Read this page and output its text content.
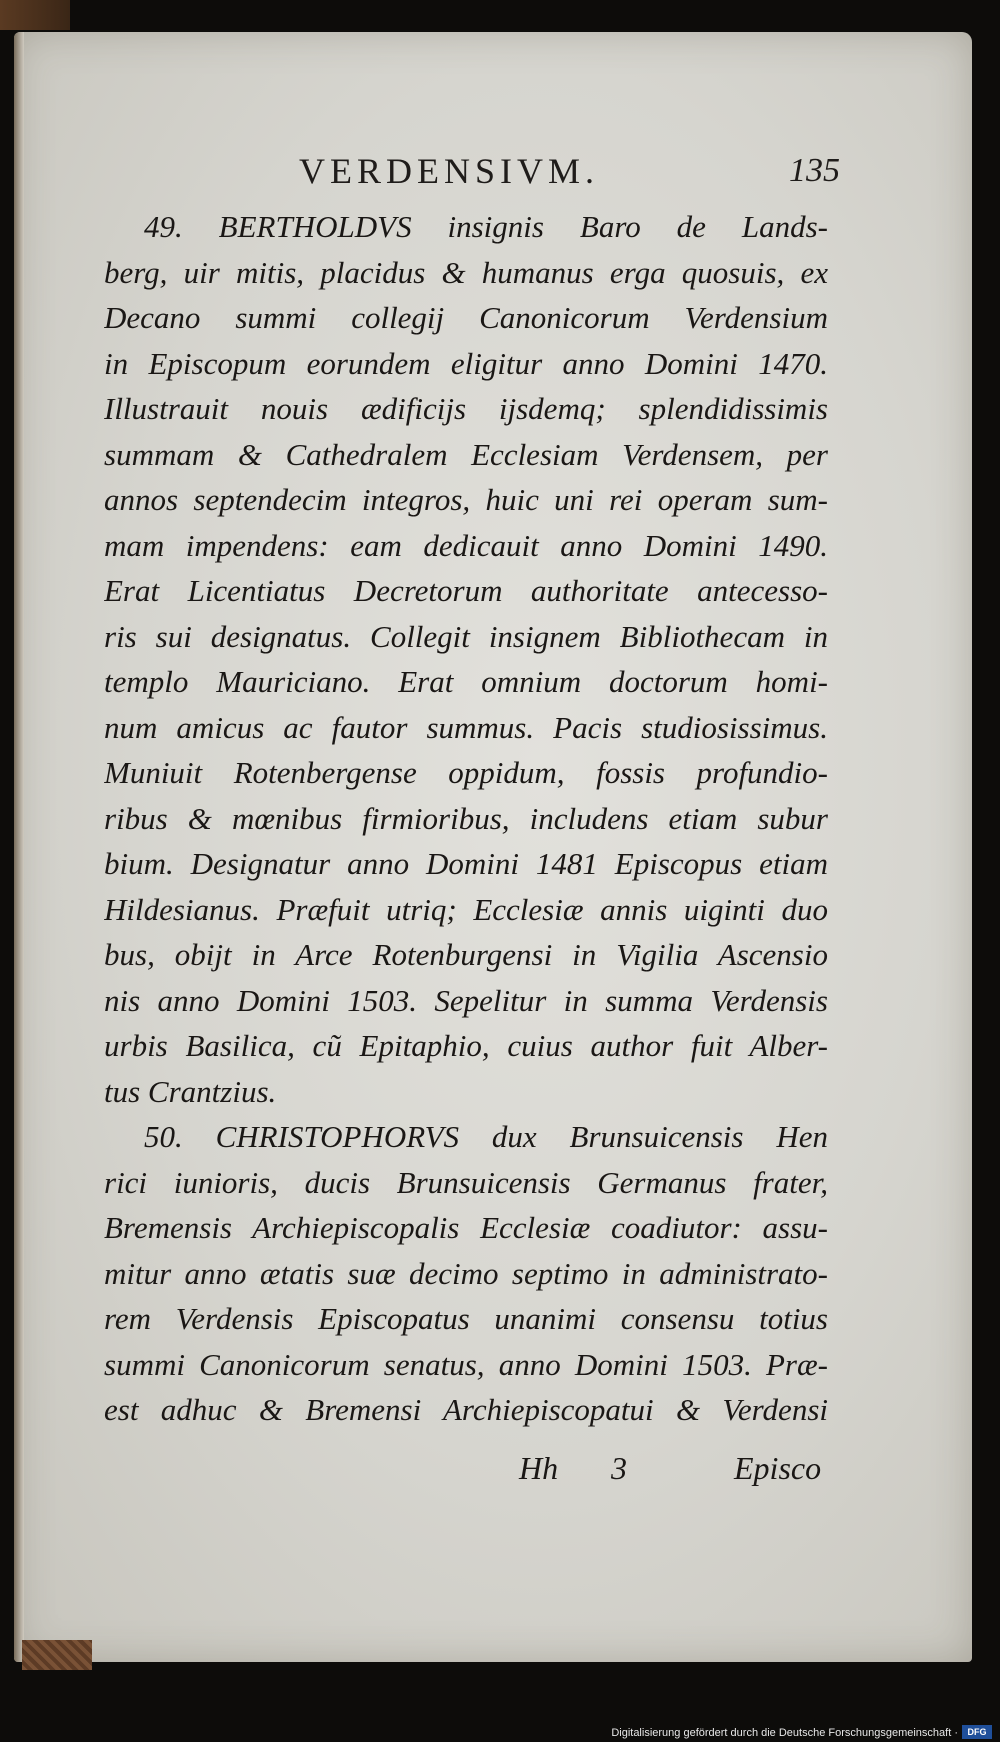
VERDENSIVM.	135
49. BERTHOLDVS insignis Baro de Lands-
berg, uir mitis, placidus & humanus erga quosuis, ex
Decano summi collegij Canonicorum Verdensium
in Episcopum eorundem eligitur anno Domini 1470.
Illustrauit nouis ædificijs ijsdemq; splendidissimis
summam & Cathedralem Ecclesiam Verdensem, per
annos septendecim integros, huic uni rei operam sum-
mam impendens: eam dedicauit anno Domini 1490.
Erat Licentiatus Decretorum authoritate antecesso-
ris sui designatus. Collegit insignem Bibliothecam in
templo Mauriciano. Erat omnium doctorum homi-
num amicus ac fautor summus. Pacis studiosissimus.
Muniuit Rotenbergense oppidum, fossis profundio-
ribus & mœnibus firmioribus, includens etiam subur
bium. Designatur anno Domini 1481 Episcopus etiam
Hildesianus. Præfuit utriq; Ecclesiæ annis uiginti duo
bus, obijt in Arce Rotenburgensi in Vigilia Ascensio
nis anno Domini 1503. Sepelitur in summa Verdensis
urbis Basilica, cũ Epitaphio, cuius author fuit Alber-
tus Crantzius.
50. CHRISTOPHORVS dux Brunsuicensis Hen
rici iunioris, ducis Brunsuicensis Germanus frater,
Bremensis Archiepiscopalis Ecclesiæ coadiutor: assu-
mitur anno ætatis suæ decimo septimo in administrato-
rem Verdensis Episcopatus unanimi consensu totius
summi Canonicorum senatus, anno Domini 1503. Præ-
est adhuc & Bremensi Archiepiscopatui & Verdensi
Hh 3	Episco
Digitalisierung gefördert durch die Deutsche Forschungsgemeinschaft ·	DFG
